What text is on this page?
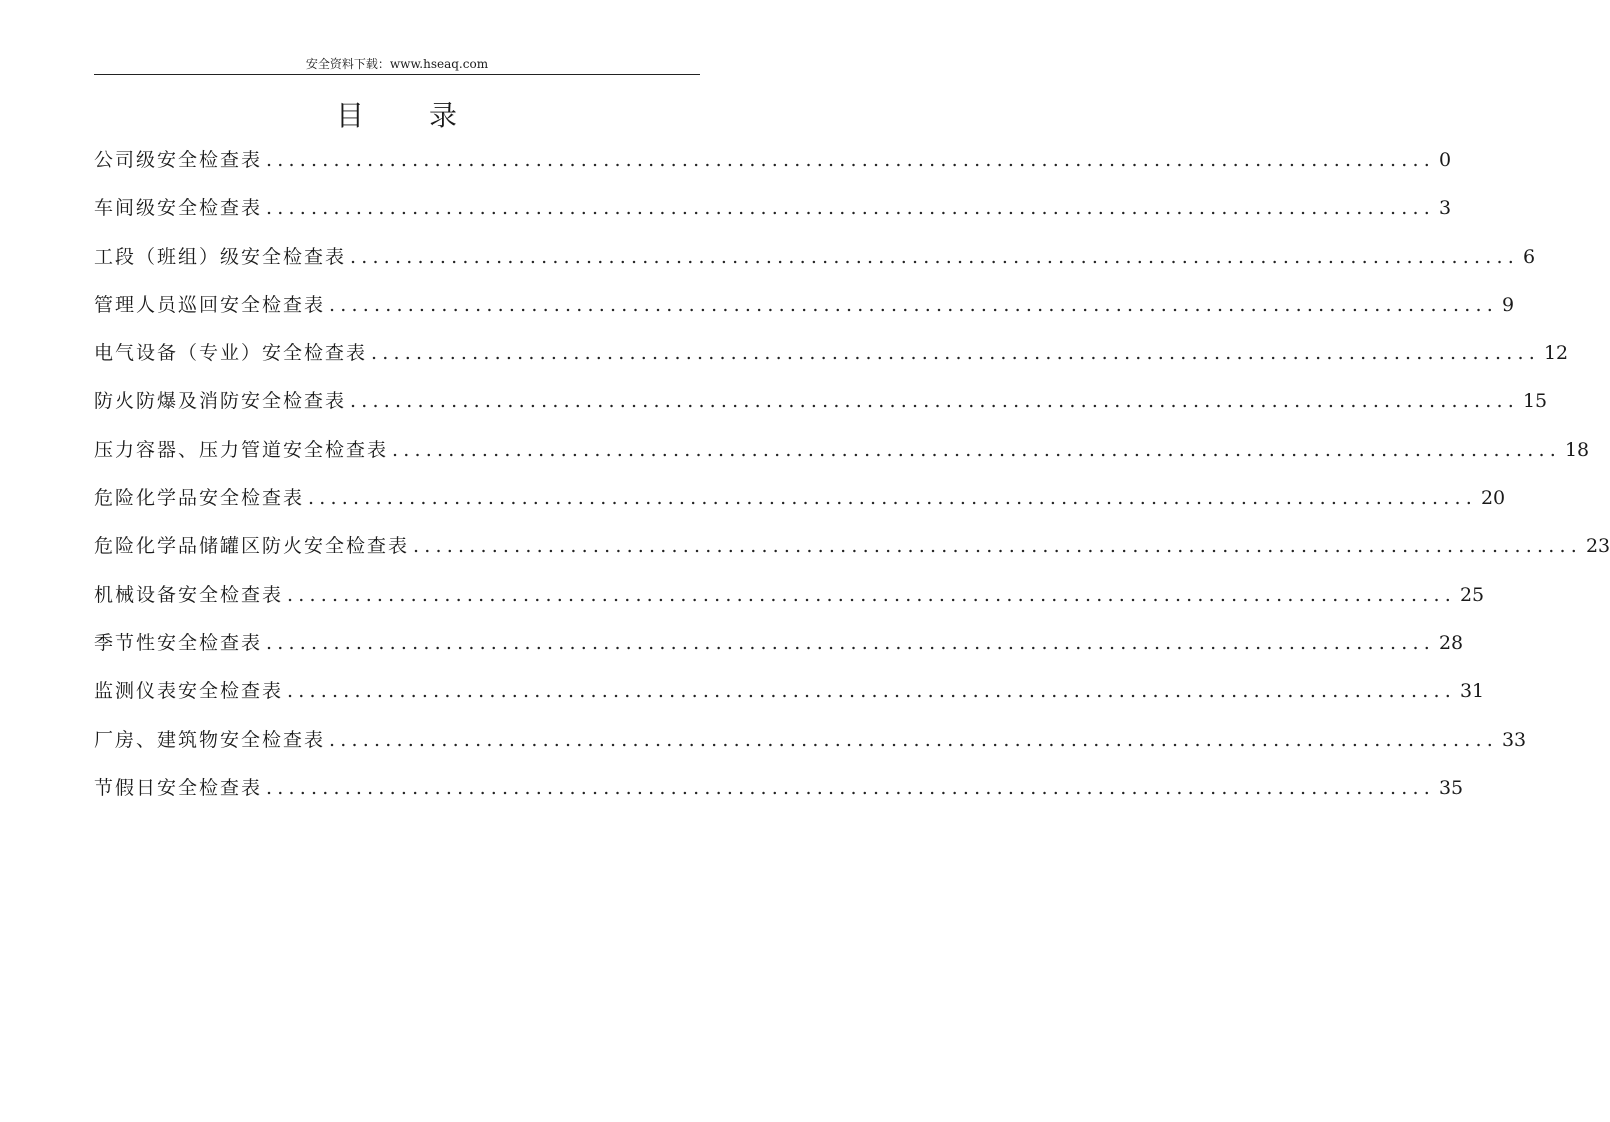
安全资料下载：www.hseaq.com
目 录
公司级安全检查表 ........................................................................................................ 0
车间级安全检查表 ........................................................................................................ 3
工段（班组）级安全检查表 ........................................................................................................ 6
管理人员巡回安全检查表 ........................................................................................................ 9
电气设备（专业）安全检查表 ........................................................................................................ 12
防火防爆及消防安全检查表 ........................................................................................................ 15
压力容器、压力管道安全检查表 ........................................................................................................ 18
危险化学品安全检查表 ........................................................................................................ 20
危险化学品储罐区防火安全检查表 ........................................................................................................ 23
机械设备安全检查表 ........................................................................................................ 25
季节性安全检查表 ........................................................................................................ 28
监测仪表安全检查表 ........................................................................................................ 31
厂房、建筑物安全检查表 ........................................................................................................ 33
节假日安全检查表 ........................................................................................................ 35
